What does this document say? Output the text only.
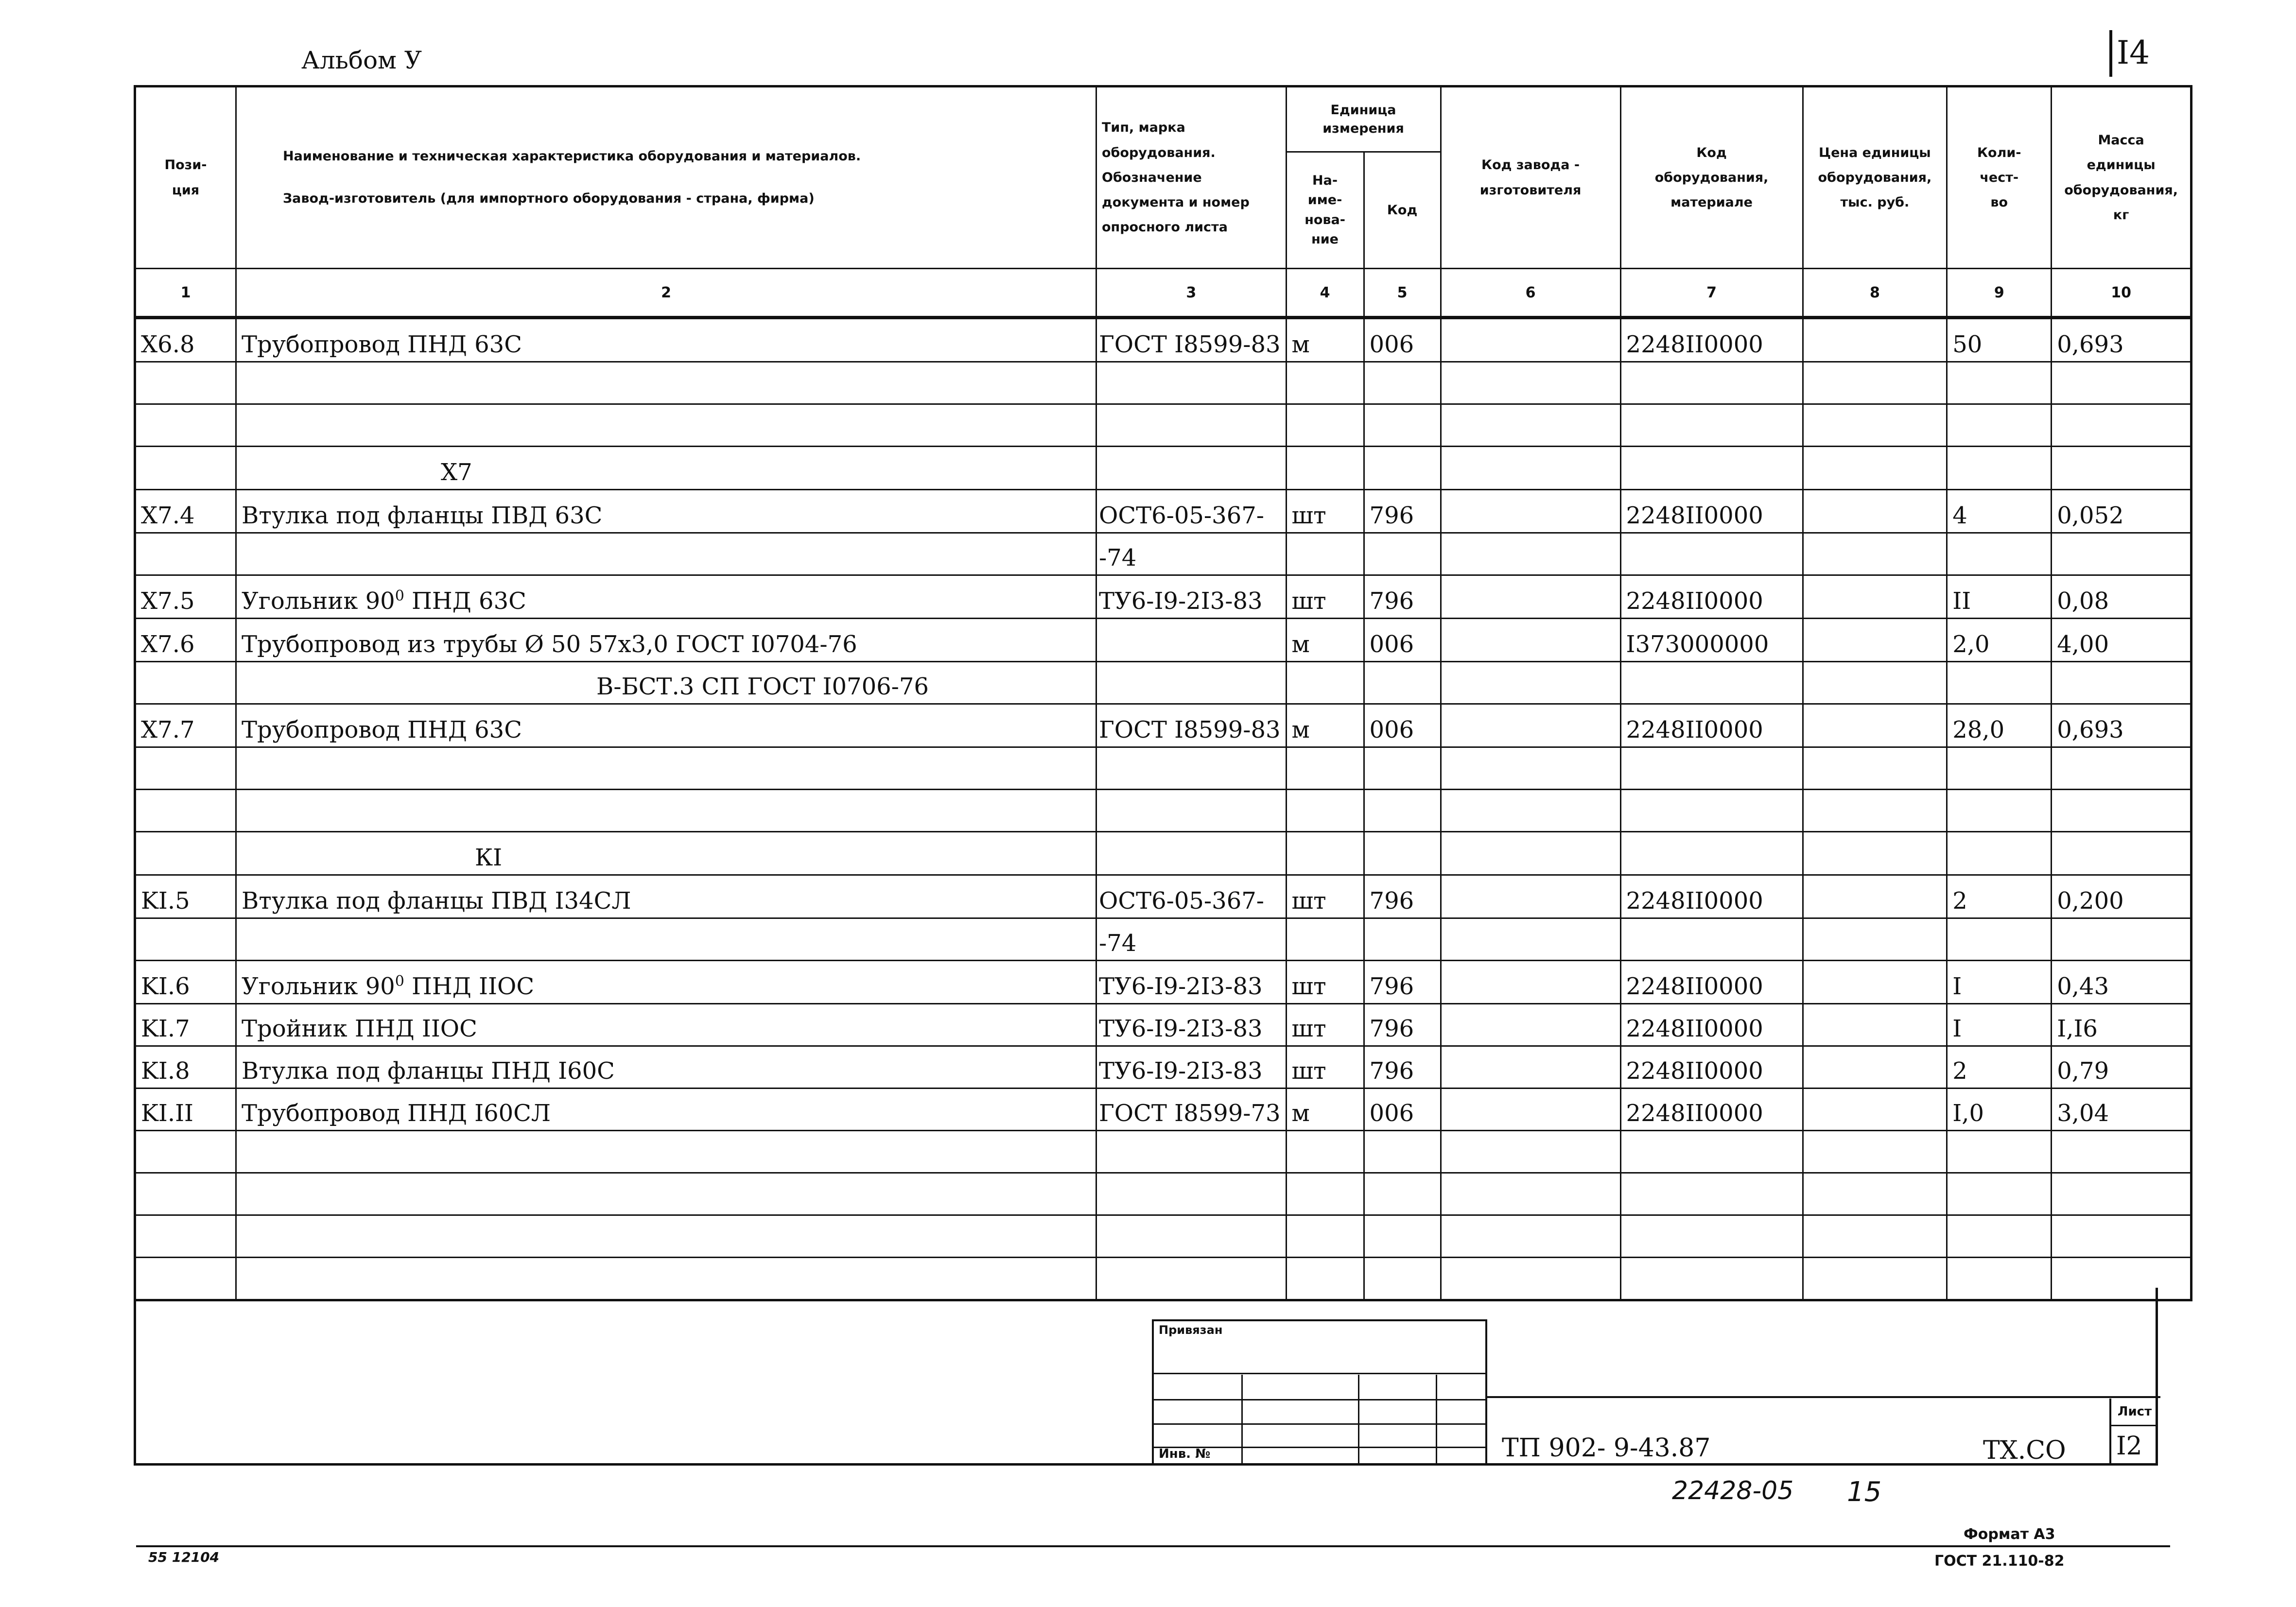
Альбом У	I4
Пози-
ция	Наименование и техническая характеристика оборудования и материалов.
Завод-изготовитель (для импортного оборудования - страна, фирма)	Тип, марка оборудования. Обозначение документа и номер опросного листа	Единица измерения		Код завода - изготовителя	Код оборудования, материале	Цена единицы оборудования, тыс. руб.	Коли-чест-во	Масса единицы оборудования, кг
			На-име-нова-ние	Код					
1	2	3	4	5	6	7	8	9	10
X6.8	Трубопровод ПНД 63С	ГОСТ I8599-83	м	006		2248II0000		50	0,693

	Х7								
X7.4	Втулка под фланцы ПВД 63С	ОСТ6-05-367-	шт	796		2248II0000		4	0,052
		-74							
X7.5	Угольник $90^0$ ПНД 63С	ТУ6-I9-2I3-83	шт	796		2248II0000		II	0,08
X7.6	Трубопровод из трубы Ø 50 57х3,0 ГОСТ I0704-76		м	006		I373000000		2,0	4,00
	В-БСТ.3 СП ГОСТ I0706-76								
X7.7	Трубопровод ПНД 63С	ГОСТ I8599-83	м	006		2248II0000		28,0	0,693

	КI								
KI.5	Втулка под фланцы ПВД I34СЛ	ОСТ6-05-367-	шт	796		2248II0000		2	0,200
		-74							
KI.6	Угольник $90^0$ ПНД IIОС	ТУ6-I9-2I3-83	шт	796		2248II0000		I	0,43
KI.7	Тройник ПНД IIОС	ТУ6-I9-2I3-83	шт	796		2248II0000		I	I,I6
KI.8	Втулка под фланцы ПНД I60С	ТУ6-I9-2I3-83	шт	796		2248II0000		2	0,79
KI.II	Трубопровод ПНД I60СЛ	ГОСТ I8599-73	м	006		2248II0000		I,0	3,04

Привязан
Инв. №	ТП 902- 9-43.87	ТХ.СО
Лист
I2
22428-05 15
Формат А3
55 12104	ГОСТ 21.110-82
